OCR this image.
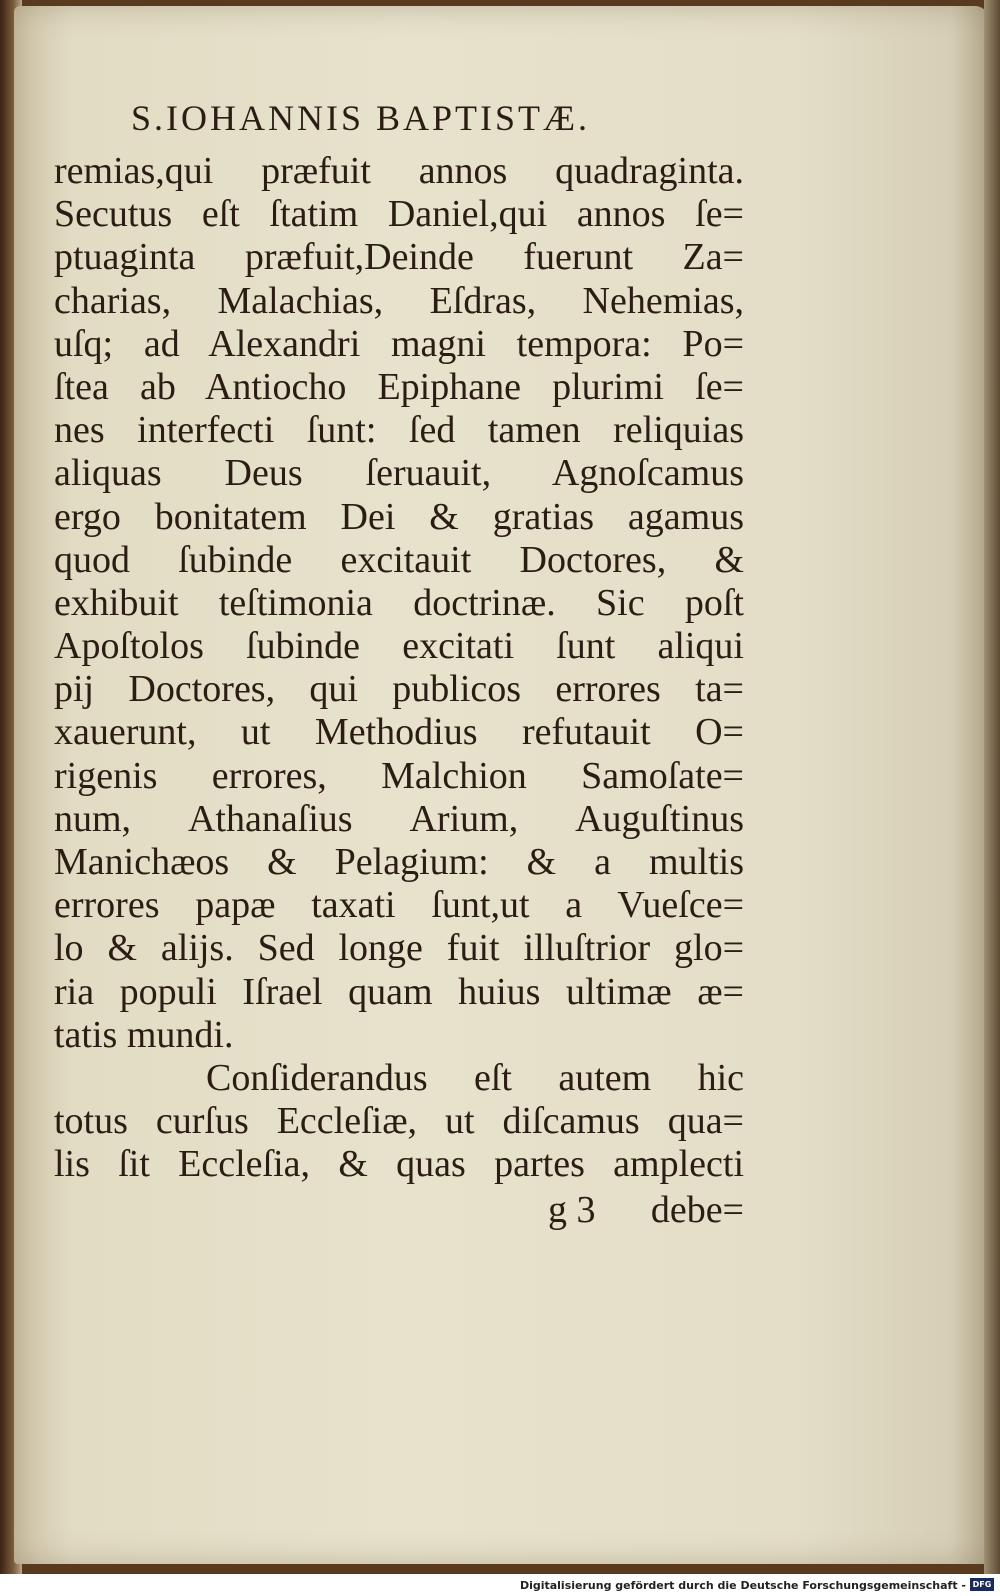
S.IOHANNIS BAPTISTÆ.
remias,qui præfuit annos quadraginta.
Secutus eſt ſtatim Daniel,qui annos ſe=
ptuaginta præfuit,Deinde fuerunt Za=
charias, Malachias, Eſdras, Nehemias,
uſq; ad Alexandri magni tempora: Po=
ſtea ab Antiocho Epiphane plurimi ſe=
nes interfecti ſunt: ſed tamen reliquias
aliquas Deus ſeruauit, Agnoſcamus
ergo bonitatem Dei & gratias agamus
quod ſubinde excitauit Doctores, &
exhibuit teſtimonia doctrinæ. Sic poſt
Apoſtolos ſubinde excitati ſunt aliqui
pij Doctores, qui publicos errores ta=
xauerunt, ut Methodius refutauit O=
rigenis errores, Malchion Samoſate=
num, Athanaſius Arium, Auguſtinus
Manichæos & Pelagium: & a multis
errores papæ taxati ſunt,ut a Vueſce=
lo & alijs. Sed longe fuit illuſtrior glo=
ria populi Iſrael quam huius ultimæ æ=
tatis mundi.
Conſiderandus eſt autem hic
totus curſus Eccleſiæ, ut diſcamus qua=
lis ſit Eccleſia, & quas partes amplecti
g 3 debe=
Digitalisierung gefördert durch die Deutsche Forschungsgemeinschaft - DFG
